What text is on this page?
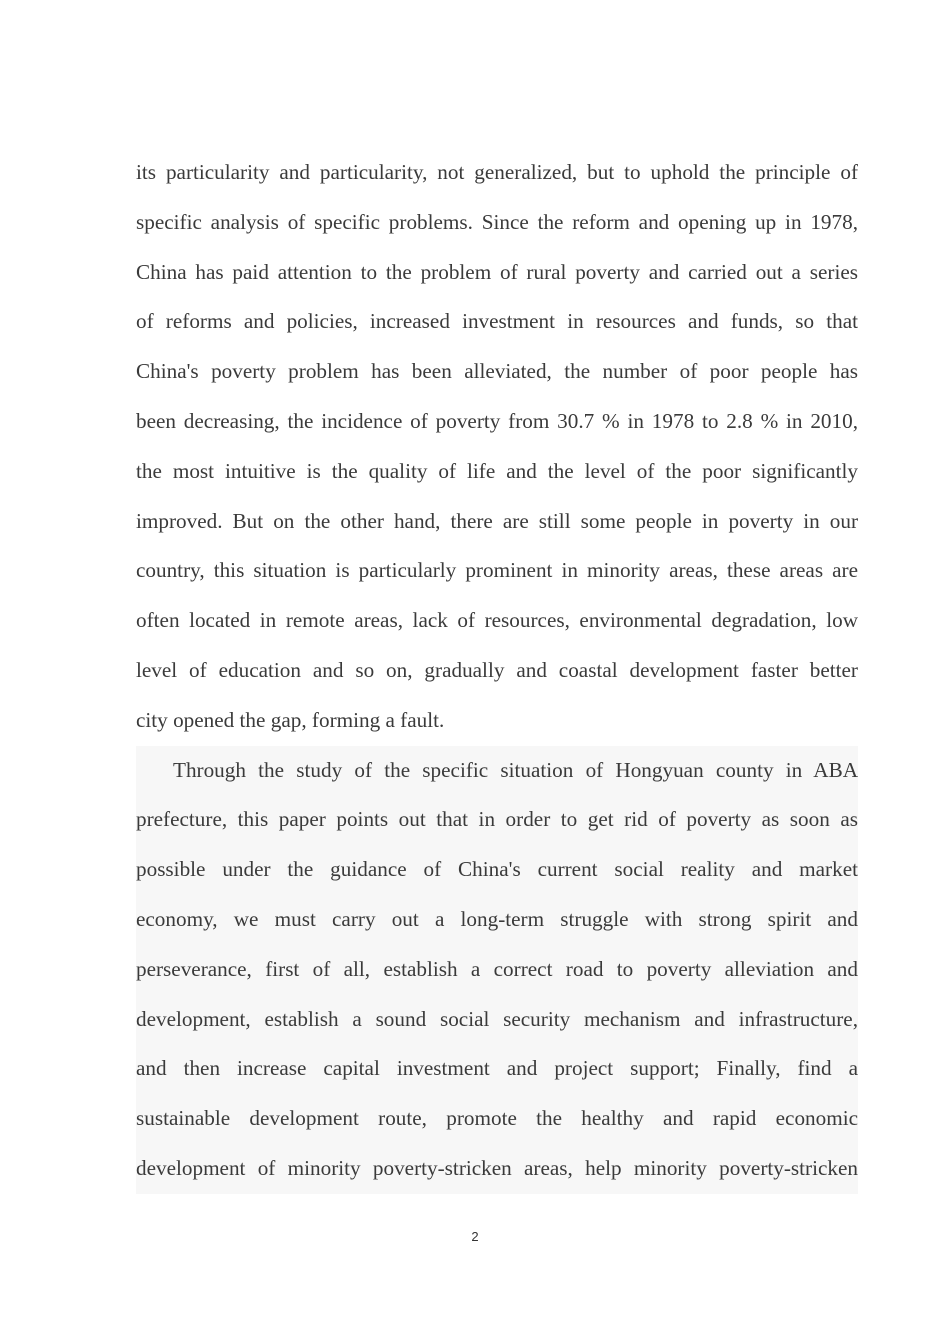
its particularity and particularity, not generalized, but to uphold the principle of
specific analysis of specific problems. Since the reform and opening up in 1978,
China has paid attention to the problem of rural poverty and carried out a series
of reforms and policies, increased investment in resources and funds, so that
China's poverty problem has been alleviated, the number of poor people has
been decreasing, the incidence of poverty from 30.7 % in 1978 to 2.8 % in 2010,
the most intuitive is the quality of life and the level of the poor significantly
improved. But on the other hand, there are still some people in poverty in our
country, this situation is particularly prominent in minority areas, these areas are
often located in remote areas, lack of resources, environmental degradation, low
level of education and so on, gradually and coastal development faster better
city opened the gap, forming a fault.
Through the study of the specific situation of Hongyuan county in ABA
prefecture, this paper points out that in order to get rid of poverty as soon as
possible under the guidance of China's current social reality and market
economy, we must carry out a long-term struggle with strong spirit and
perseverance, first of all, establish a correct road to poverty alleviation and
development, establish a sound social security mechanism and infrastructure,
and then increase capital investment and project support; Finally, find a
sustainable development route, promote the healthy and rapid economic
development of minority poverty-stricken areas, help minority poverty-stricken
2
